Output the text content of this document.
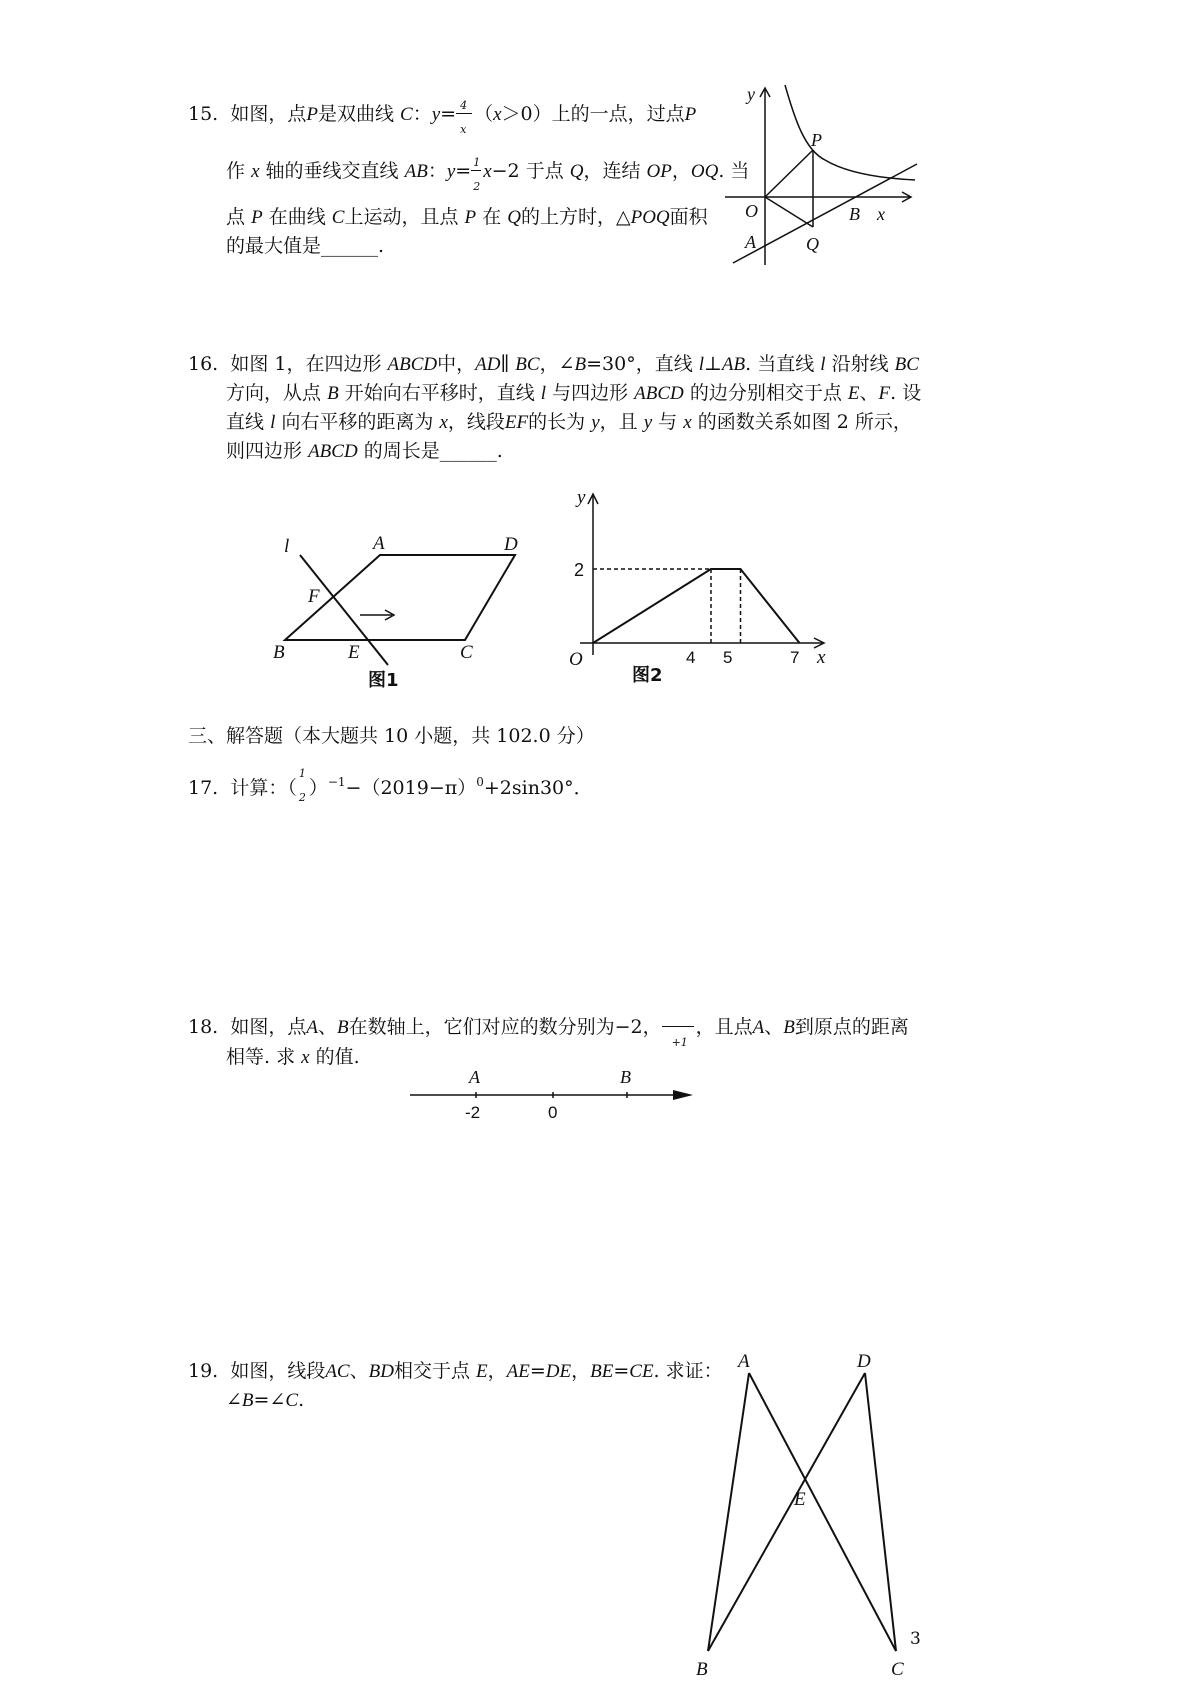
15. 如图，点P是双曲线 C：$y= \frac{4}{x} (x>0)$上的一点，过点P
作 x 轴的垂线交直线 AB：$y= \frac{1}{2} x-2$ 于点 Q，连结 OP，OQ. 当
点 P 在曲线 C上运动，且点 P 在 Q的上方时，△POQ面积
的最大值是______.
y
x
P
O	B
A	Q
16. 如图 1，在四边形 ABCD中，AD∥ BC，∠B=30°，直线 l⊥AB. 当直线 l 沿射线 BC
方向，从点 B 开始向右平移时，直线 l 与四边形 ABCD 的边分别相交于点 E、F. 设
直线 l 向右平移的距离为 x，线段EF的长为 y，且 y 与 x 的函数关系如图 2 所示，
则四边形 ABCD 的周长是______.
l	A	D
F
B	E	C
图1
y
x
O
2
4 5	7
图2
三、解答题（本大题共 10 小题，共 102.0 分）
17. 计算：（
1
2 ）$^{-1}-(2019-\pi)^0+2\sin 30^\circ$．
18. 如图，点A、B在数轴上，它们对应的数分别为−2，
+1
，且点A、B到原点的距离
相等. 求 x 的值.
A	B
-2	0
19. 如图，线段AC、BD相交于点 E，AE=DE，BE=CE. 求证：
∠B=∠C.
A	D
E
B	C
3
